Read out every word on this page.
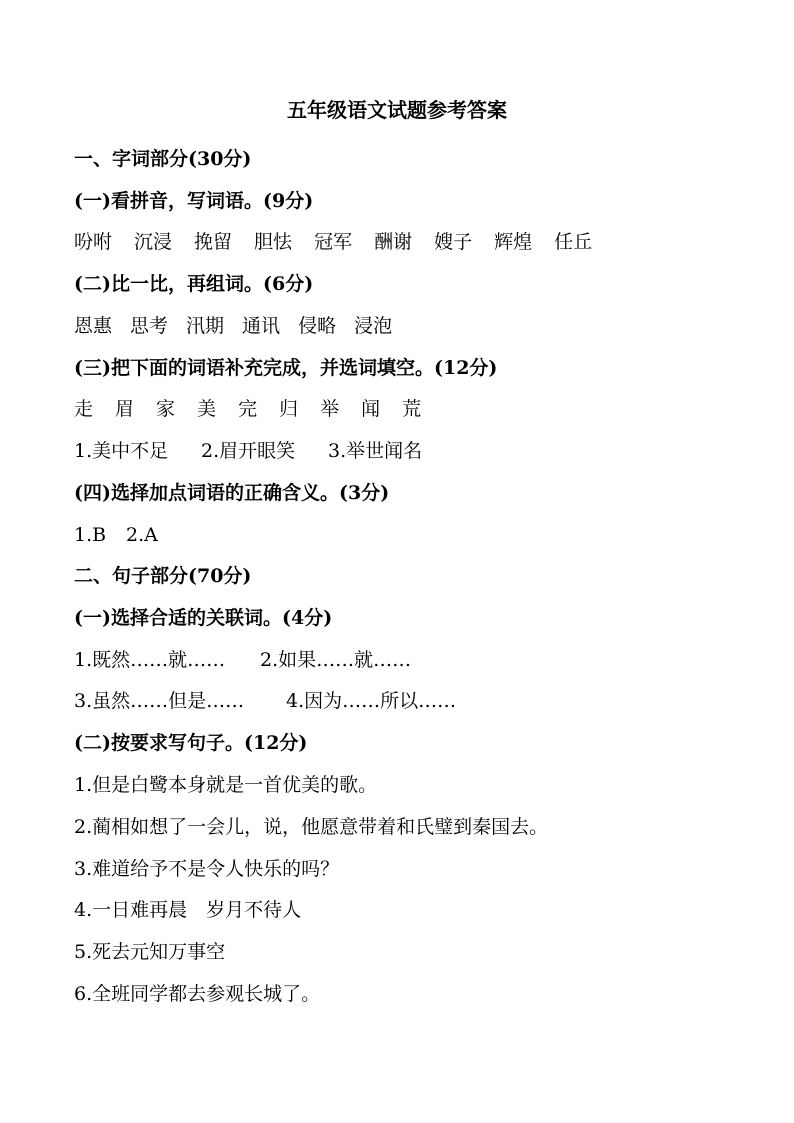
五年级语文试题参考答案
一、字词部分(30分)
(一)看拼音，写词语。(9分)
吩咐 沉浸 挽留 胆怯 冠军 酬谢 嫂子 辉煌 任丘
(二)比一比，再组词。(6分)
恩惠 思考 汛期 通讯 侵略 浸泡
(三)把下面的词语补充完成，并选词填空。(12分)
走 眉 家 美 完 归 举 闻 荒
1.美中不足 2.眉开眼笑 3.举世闻名
(四)选择加点词语的正确含义。(3分)
1.B 2.A
二、句子部分(70分)
(一)选择合适的关联词。(4分)
1.既然……就…… 2.如果……就……
3.虽然……但是…… 4.因为……所以……
(二)按要求写句子。(12分)
1.但是白鹭本身就是一首优美的歌。
2.蔺相如想了一会儿，说，他愿意带着和氏璧到秦国去。
3.难道给予不是令人快乐的吗？
4.一日难再晨　岁月不待人
5.死去元知万事空
6.全班同学都去参观长城了。
